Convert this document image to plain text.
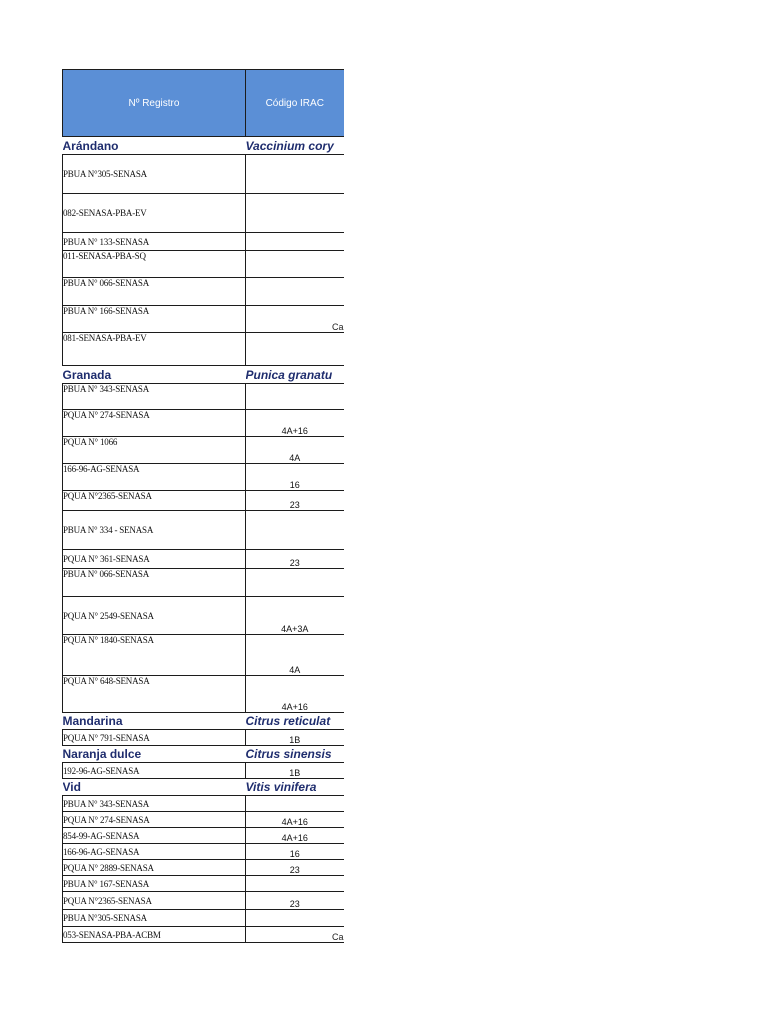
Nº Registro	Código IRAC
Arándano	Vaccinium cory
PBUA N°305-SENASA	
082-SENASA-PBA-EV	
PBUA N° 133-SENASA	
011-SENASA-PBA-SQ	
PBUA N° 066-SENASA	
PBUA N° 166-SENASA	Ca
081-SENASA-PBA-EV	
Granada	Punica granatu
PBUA N° 343-SENASA	
PQUA N° 274-SENASA	4A+16
PQUA N° 1066	4A
166-96-AG-SENASA	16
PQUA N°2365-SENASA	23
PBUA N° 334 - SENASA	
PQUA N° 361-SENASA	23
PBUA N° 066-SENASA	
PQUA N° 2549-SENASA	4A+3A
PQUA N° 1840-SENASA	4A
PQUA N° 648-SENASA	4A+16
Mandarina	Citrus reticulat
PQUA N° 791-SENASA	1B
Naranja dulce	Citrus sinensis
192-96-AG-SENASA	1B
Vid	Vitis vinifera
PBUA N° 343-SENASA	
PQUA N° 274-SENASA	4A+16
854-99-AG-SENASA	4A+16
166-96-AG-SENASA	16
PQUA N° 2889-SENASA	23
PBUA N° 167-SENASA	
PQUA N°2365-SENASA	23
PBUA N°305-SENASA	
053-SENASA-PBA-ACBM	Ca
